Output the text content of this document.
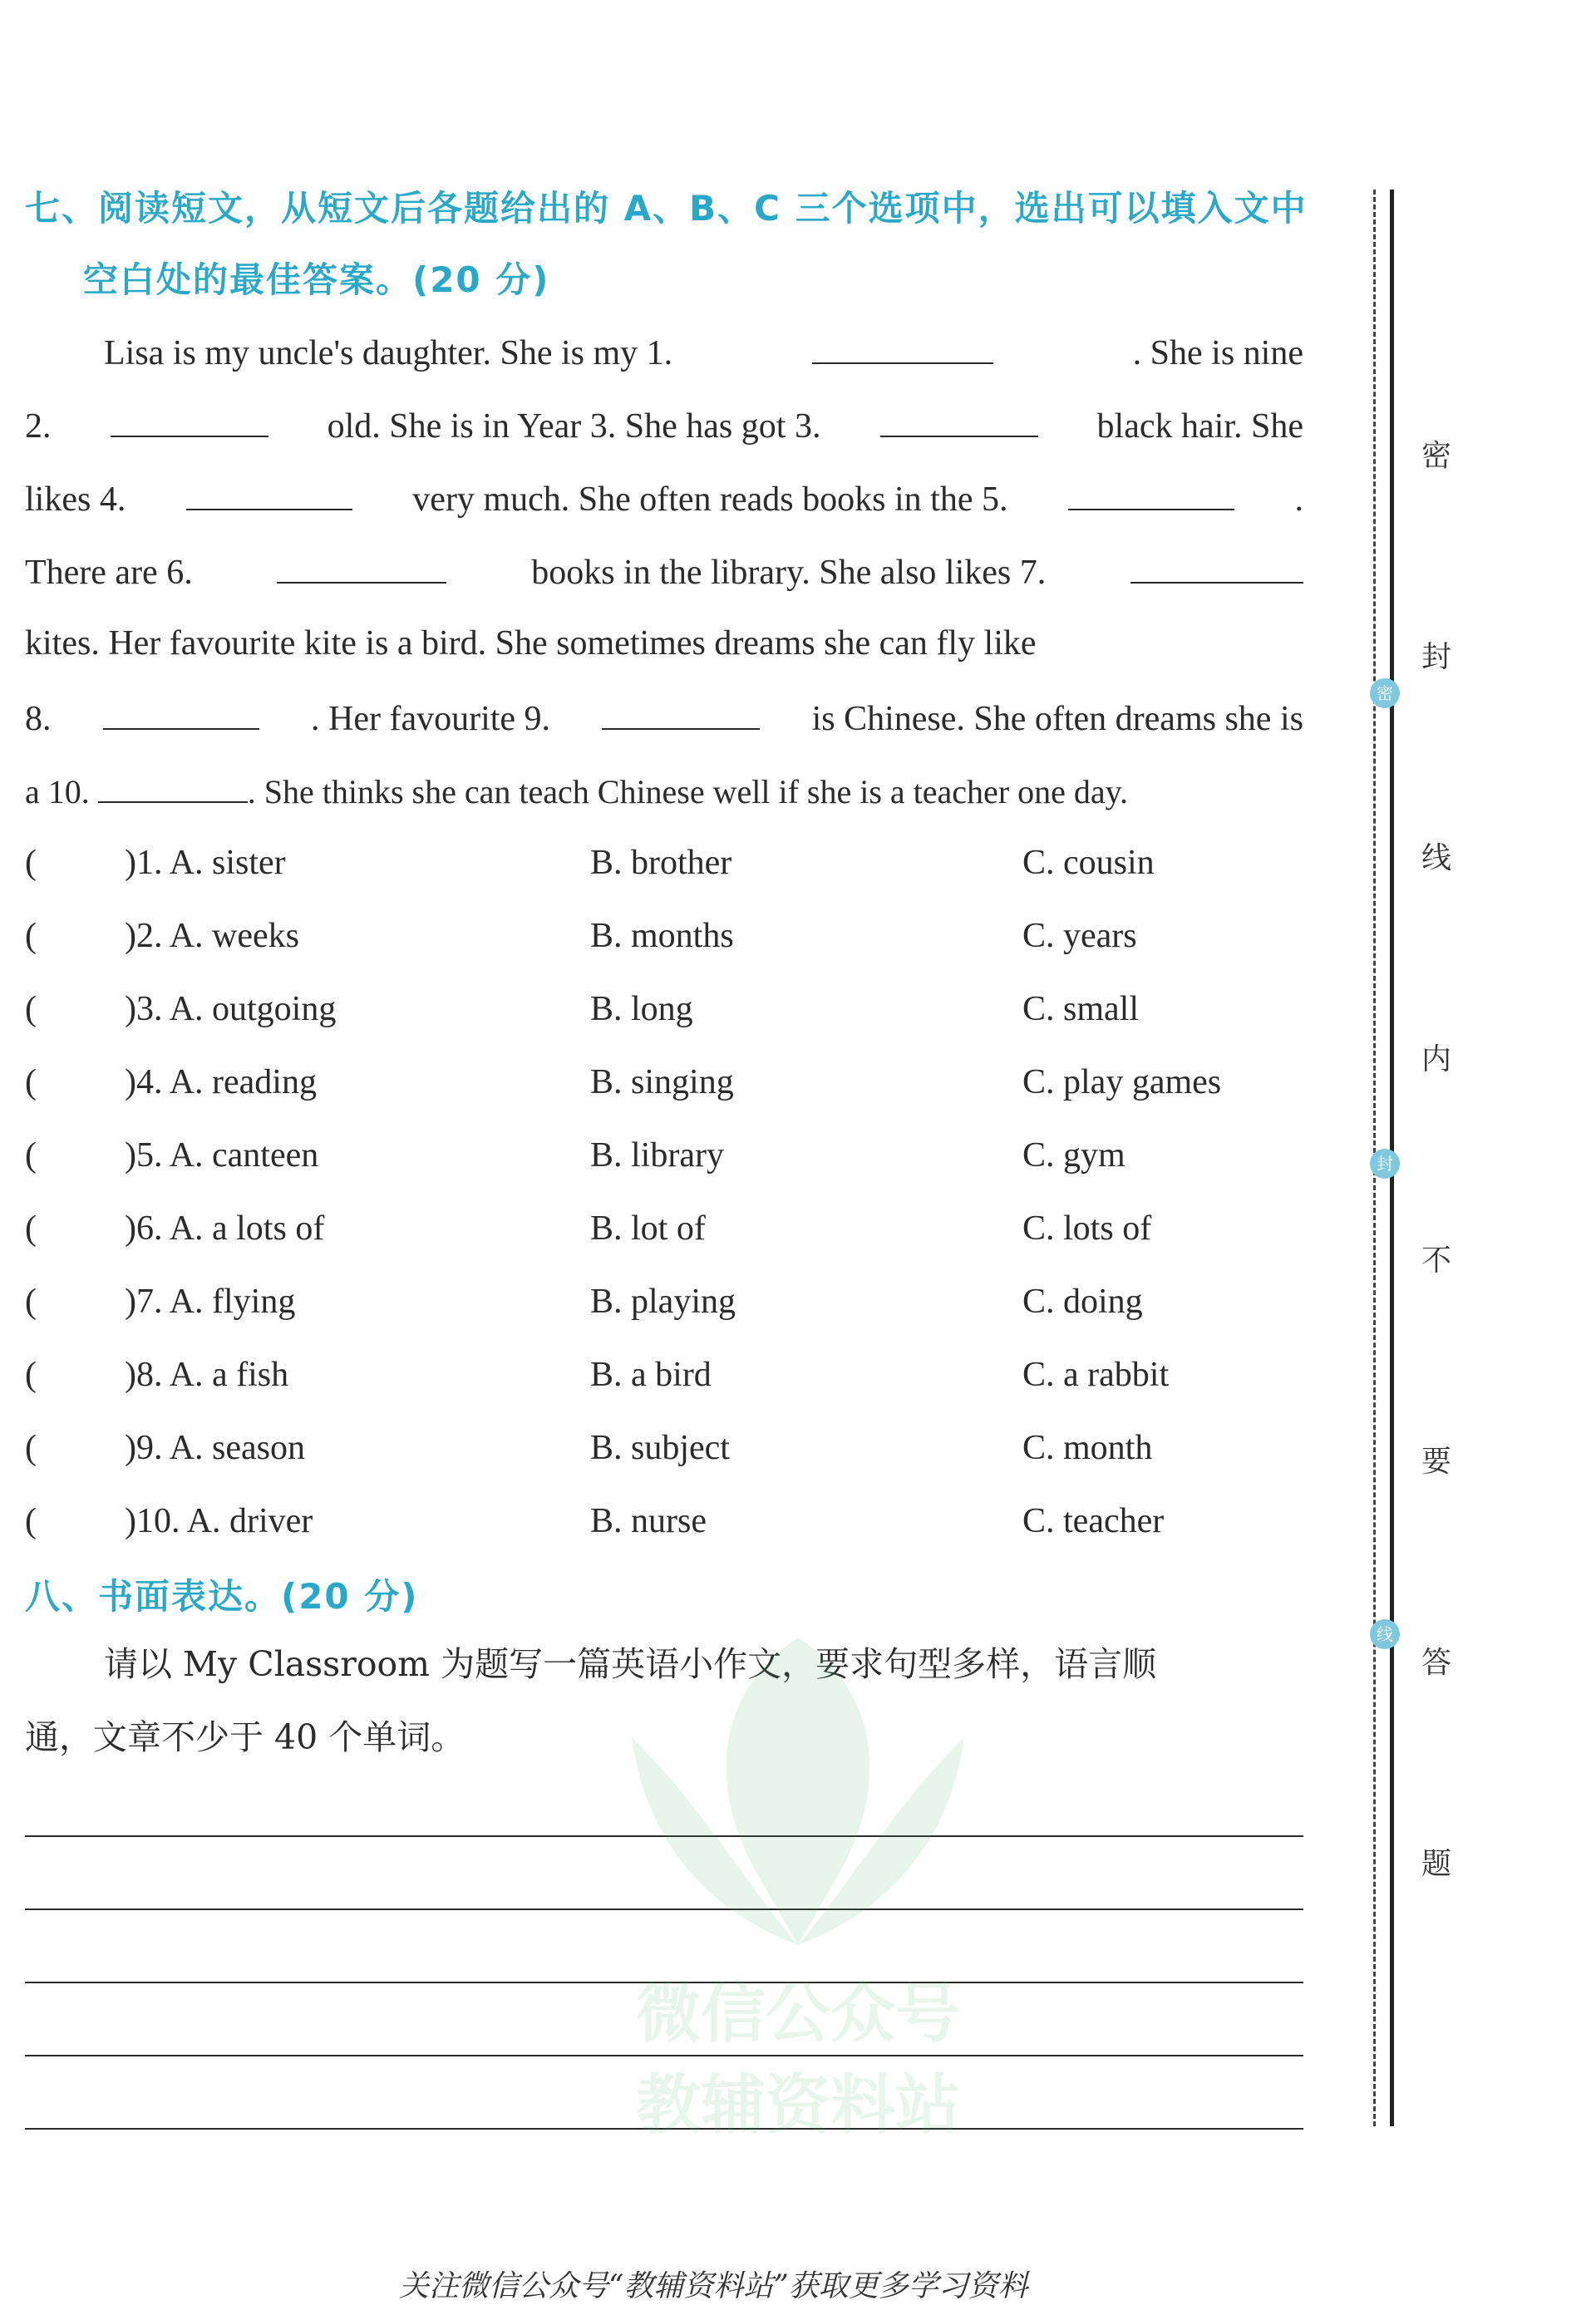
七、阅读短文，从短文后各题给出的 A、B、C 三个选项中，选出可以填入文中
空白处的最佳答案。(20 分)
Lisa is my uncle's daughter. She is my 1.	. She is nine
2.	old. She is in Year 3. She has got 3.	black hair. She
likes 4.	very much. She often reads books in the 5.	.
There are 6.	books in the library. She also likes 7.
kites. Her favourite kite is a bird. She sometimes dreams she can fly like
8.	. Her favourite 9.	is Chinese. She often dreams she is
a 10.	. She thinks she can teach Chinese well if she is a teacher one day.
(	)1. A. sister	B. brother	C. cousin
(	)2. A. weeks	B. months	C. years
(	)3. A. outgoing	B. long	C. small
(	)4. A. reading	B. singing	C. play games
(	)5. A. canteen	B. library	C. gym
(	)6. A. a lots of	B. lot of	C. lots of
(	)7. A. flying	B. playing	C. doing
(	)8. A. a fish	B. a bird	C. a rabbit
(	)9. A. season	B. subject	C. month
(	)10. A. driver	B. nurse	C. teacher
八、书面表达。(20 分)
请以 My Classroom 为题写一篇英语小作文，要求句型多样，语言顺
通，文章不少于 40 个单词。
微信公众号
教辅资料站
密
封
线
内
不
要
答
题
密
封
线
关注微信公众号“教辅资料站”获取更多学习资料
